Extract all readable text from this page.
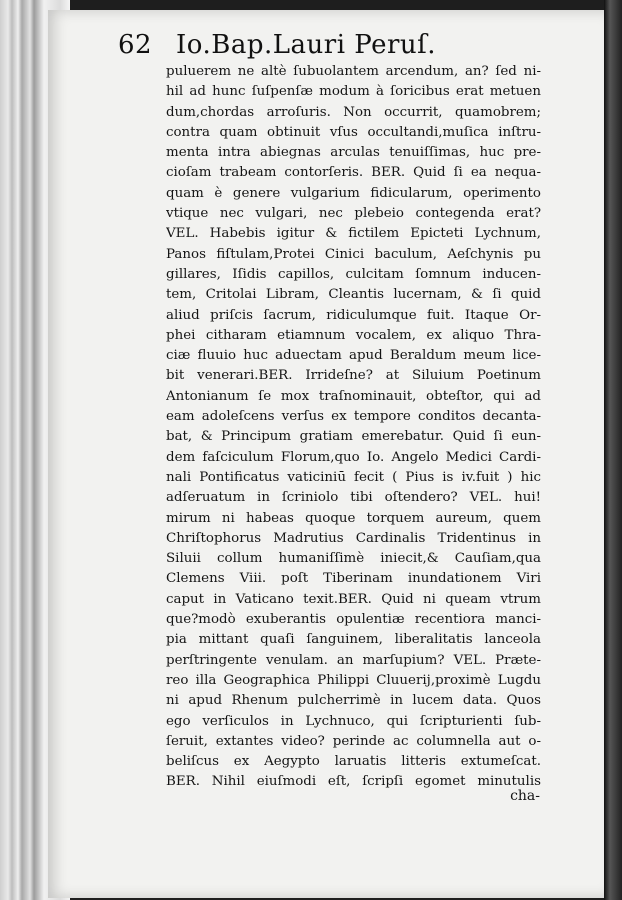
62 Io.Bap.Lauri Peruſ.
puluerem ne altè ſubuolantem arcendum, an? ſed ni-
hil ad hunc ſuſpenſæ modum à ſoricibus erat metuen
dum,chordas arroſuris. Non occurrit, quamobrem;
contra quam obtinuit vſus occultandi,muſica inſtru-
menta intra abiegnas arculas tenuiſſimas, huc pre-
cioſam trabeam contorſeris. BER. Quid ſi ea nequa-
quam è genere vulgarium fidicularum, operimento
vtique nec vulgari, nec plebeio contegenda erat?
VEL. Habebis igitur & fictilem Epicteti Lychnum,
Panos fiſtulam,Protei Cinici baculum, Aeſchynis pu
gillares, Iſidis capillos, culcitam ſomnum inducen-
tem, Critolai Libram, Cleantis lucernam, & ſi quid
aliud priſcis ſacrum, ridiculumque fuit. Itaque Or-
phei citharam etiamnum vocalem, ex aliquo Thra-
ciæ fluuio huc aduectam apud Beraldum meum lice-
bit venerari.BER. Irrideſne? at Siluium Poetinum
Antonianum ſe mox traſnominauit, obteſtor, qui ad
eam adoleſcens verſus ex tempore conditos decanta-
bat, & Principum gratiam emerebatur. Quid ſi eun-
dem faſciculum Florum,quo Io. Angelo Medici Cardi-
nali Pontificatus vaticiniū fecit ( Pius is iv.fuit ) hic
adſeruatum in ſcriniolo tibi oſtendero? VEL. hui!
mirum ni habeas quoque torquem aureum, quem
Chriſtophorus Madrutius Cardinalis Tridentinus in
Siluii collum humaniſſimè iniecit,& Cauſiam,qua
Clemens Viii. poſt Tiberinam inundationem Viri
caput in Vaticano texit.BER. Quid ni queam vtrum
que?modò exuberantis opulentiæ recentiora manci-
pia mittant quaſi ſanguinem, liberalitatis lanceola
perſtringente venulam. an marſupium? VEL. Præte-
reo illa Geographica Philippi Cluuerij,proximè Lugdu
ni apud Rhenum pulcherrimè in lucem data. Quos
ego verſiculos in Lychnuco, qui ſcripturienti ſub-
ſeruit, extantes video? perinde ac columnella aut o-
beliſcus ex Aegypto laruatis litteris extumeſcat.
BER. Nihil eiuſmodi eſt, ſcripſi egomet minutulis
cha-
